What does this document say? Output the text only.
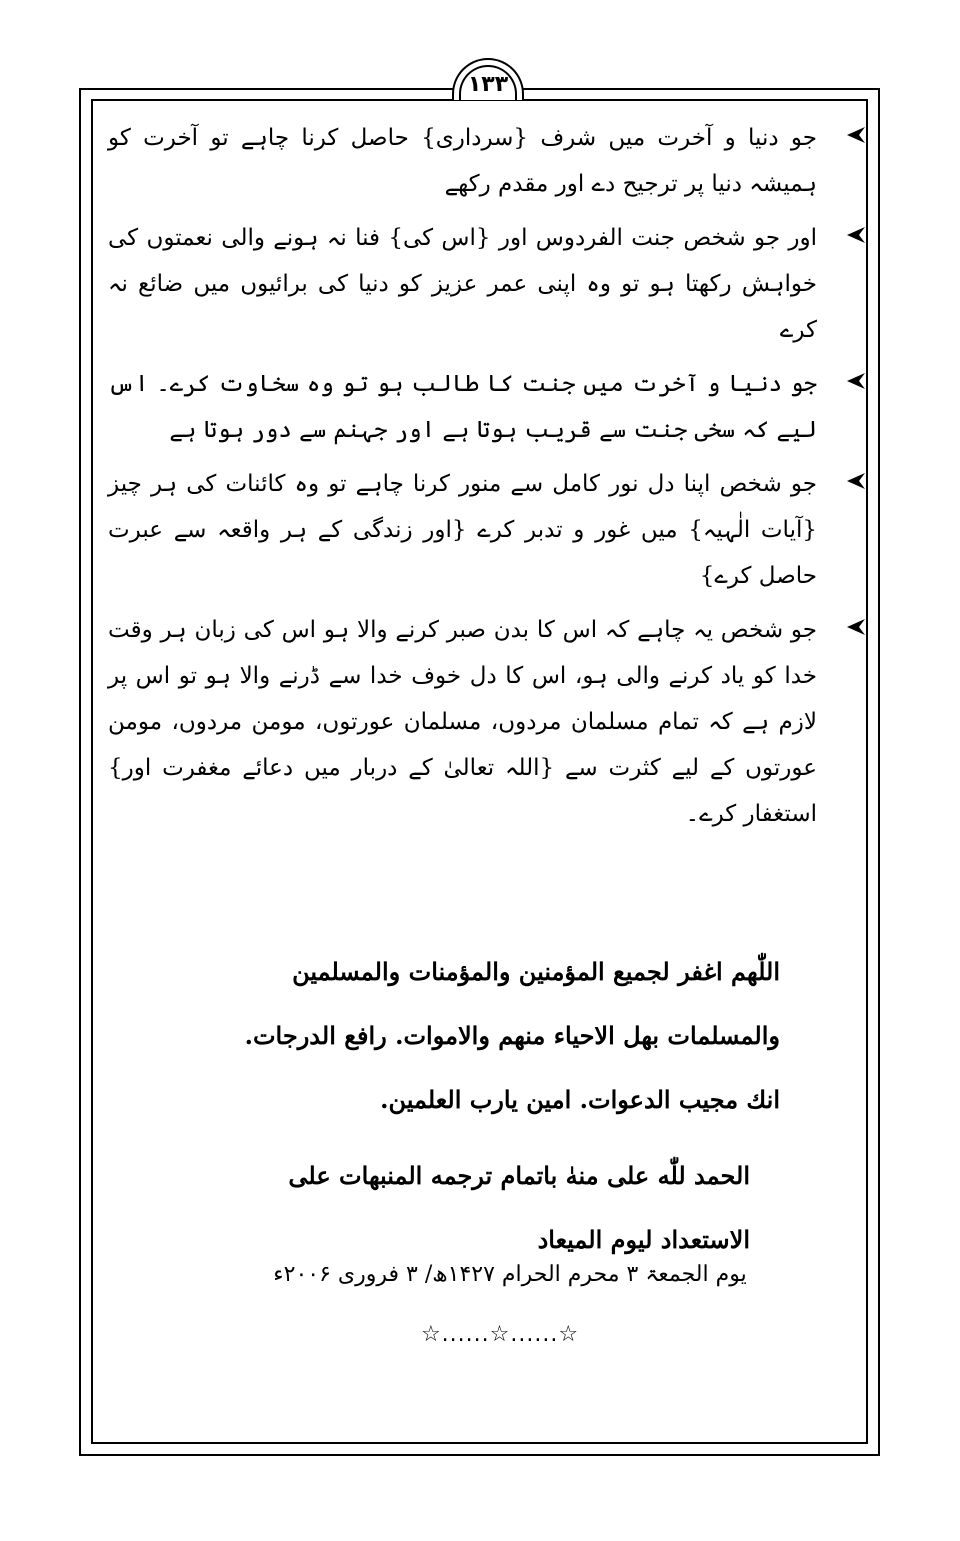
١٣٣

جو دنیا و آخرت میں شرف {سرداری} حاصل کرنا چاہے تو آخرت کو ہمیشہ دنیا پر ترجیح دے اور مقدم رکھے

اور جو شخص جنت الفردوس اور {اس کی} فنا نہ ہونے والی نعمتوں کی خواہش رکھتا ہو تو وہ اپنی عمر عزیز کو دنیا کی برائیوں میں ضائع نہ کرے

جو دنیا و آخرت میں جنت کا طالب ہو تو وہ سخاوت کرے۔ اس لیے کہ سخی جنت سے قریب ہوتا ہے اور جہنم سے دور ہوتا ہے

جو شخص اپنا دل نور کامل سے منور کرنا چاہے تو وہ کائنات کی ہر چیز {آیات الٰہیہ} میں غور و تدبر کرے {اور زندگی کے ہر واقعہ سے عبرت حاصل کرے}

جو شخص یہ چاہے کہ اس کا بدن صبر کرنے والا ہو اس کی زبان ہر وقت خدا کو یاد کرنے والی ہو، اس کا دل خوف خدا سے ڈرنے والا ہو تو اس پر لازم ہے کہ تمام مسلمان مردوں، مسلمان عورتوں، مومن مردوں، مومن عورتوں کے لیے کثرت سے {اللہ تعالیٰ کے دربار میں دعائے مغفرت اور} استغفار کرے۔

اللّٰهم اغفر لجميع المؤمنين والمؤمنات والمسلمين
والمسلمات بهل الاحياء منهم والاموات. رافع الدرجات.
انك مجيب الدعوات. امين يارب العلمين.
الحمد للّٰه على منهٰ باتمام ترجمه المنبهات على
الاستعداد ليوم الميعاد
یوم الجمعۃ ۳ محرم الحرام ۱۴۲۷ھ/ ۳ فروری ۲۰۰۶ء
☆......☆......☆
